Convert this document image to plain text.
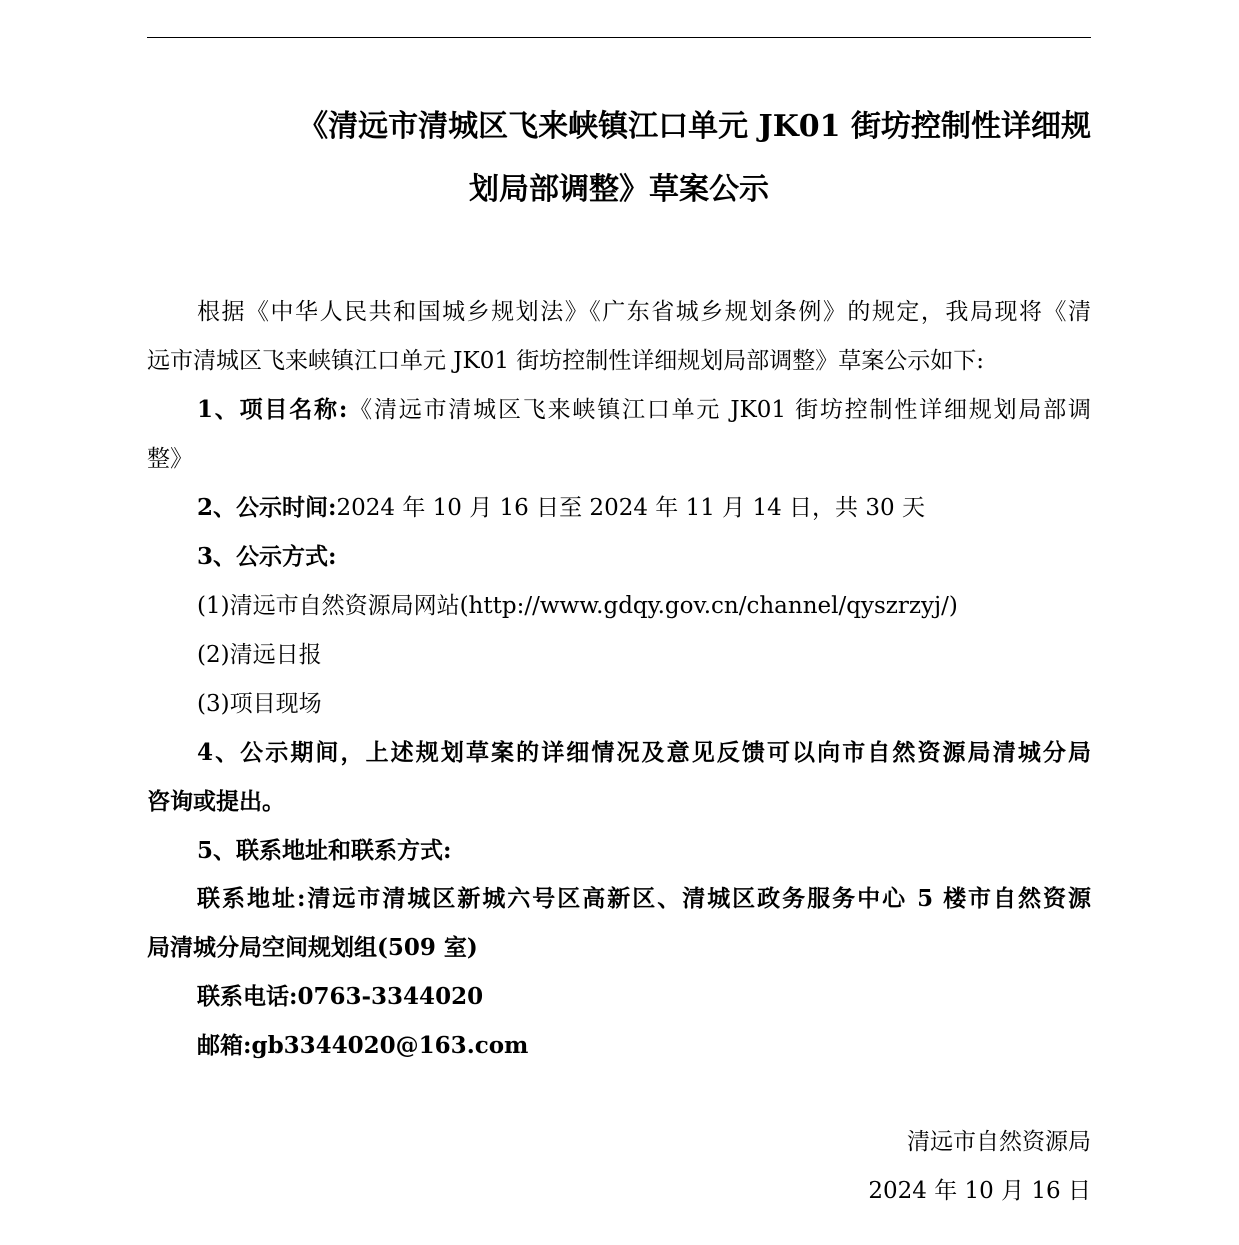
《清远市清城区飞来峡镇江口单元 JK01 街坊控制性详细规
划局部调整》草案公示
根据《中华人民共和国城乡规划法》《广东省城乡规划条例》的规定，我局现将《清
远市清城区飞来峡镇江口单元 JK01 街坊控制性详细规划局部调整》草案公示如下:
1、项目名称:《清远市清城区飞来峡镇江口单元 JK01 街坊控制性详细规划局部调
整》
2、公示时间:2024 年 10 月 16 日至 2024 年 11 月 14 日，共 30 天
3、公示方式:
(1)清远市自然资源局网站(http://www.gdqy.gov.cn/channel/qyszrzyj/)
(2)清远日报
(3)项目现场
4、公示期间，上述规划草案的详细情况及意见反馈可以向市自然资源局清城分局
咨询或提出。
5、联系地址和联系方式:
联系地址:清远市清城区新城六号区高新区、清城区政务服务中心 5 楼市自然资源
局清城分局空间规划组(509 室)
联系电话:0763-3344020
邮箱:gb3344020@163.com
清远市自然资源局
2024 年 10 月 16 日
